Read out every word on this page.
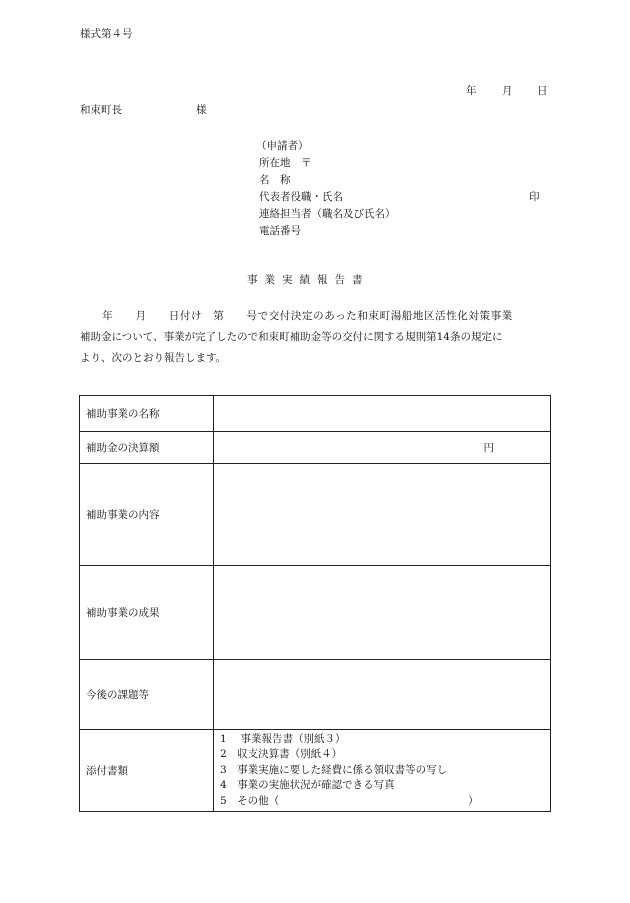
様式第４号
年 月 日
和束町長	様
（申請者）
所在地　〒
名　称
代表者役職・氏名	印
連絡担当者（職名及び氏名）
電話番号
事業実績報告書
　　年　　月　　日付け　第　　号で交付決定のあった和束町湯船地区活性化対策事業
補助金について、事業が完了したので和束町補助金等の交付に関する規則第14条の規定に
より、次のとおり報告します。
補助事業の名称	
補助金の決算額	円

補助事業の内容	
補助事業の成果	
今後の課題等	
添付書類	1　 事業報告書（別紙３）
2　収支決算書（別紙４）
3　事業実施に要した経費に係る領収書等の写し
4　事業の実施状況が確認できる写真
5　その他（　　　　　　　　　　　　　　　　　　）
